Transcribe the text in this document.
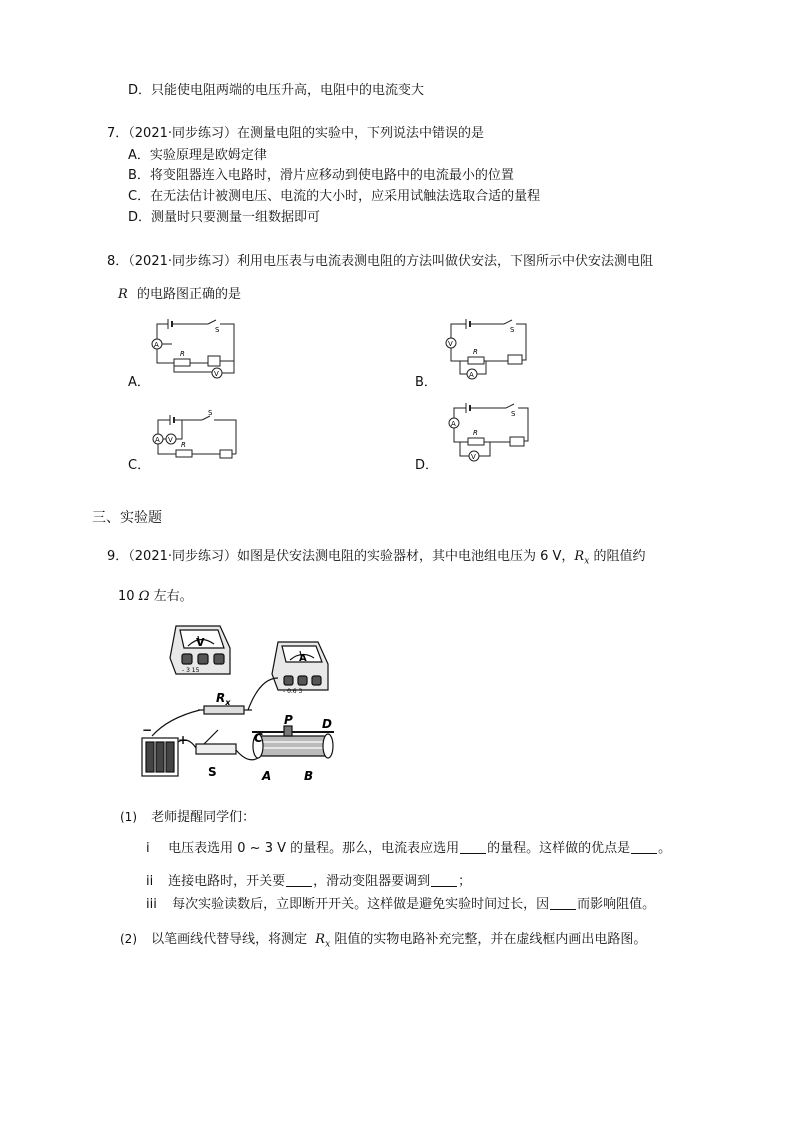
D．只能使电阻两端的电压升高，电阻中的电流变大
7．（2021·同步练习）在测量电阻的实验中，下列说法中错误的是
A．实验原理是欧姆定律
B．将变阻器连入电路时，滑片应移动到使电路中的电流最小的位置
C．在无法估计被测电压、电流的大小时，应采用试触法选取合适的量程
D．测量时只要测量一组数据即可
8．（2021·同步练习）利用电压表与电流表测电阻的方法叫做伏安法，下图所示中伏安法测电阻
R 的电路图正确的是
A．	B．
C．	D．
S
R
A
V
S
R
V
A
S
R
A V
S
R
A
V
三、实验题
9．（2021·同步练习）如图是伏安法测电阻的实验器材，其中电池组电压为 6 V，$R_x$ 的阻值约
10 Ω 左右。
V
- 3 15
A
- 0.6 3
$R_x$
−
+
S
C
P D
A	B
(1) 老师提醒同学们：
i 电压表选用 0 ~ 3 V 的量程。那么，电流表应选用 的量程。这样做的优点是 。
ii 连接电路时，开关要 ，滑动变阻器要调到 ；
iii 每次实验读数后，立即断开开关。这样做是避免实验时间过长，因 而影响阻值。
(2) 以笔画线代替导线，将测定 $R_x$ 阻值的实物电路补充完整，并在虚线框内画出电路图。
